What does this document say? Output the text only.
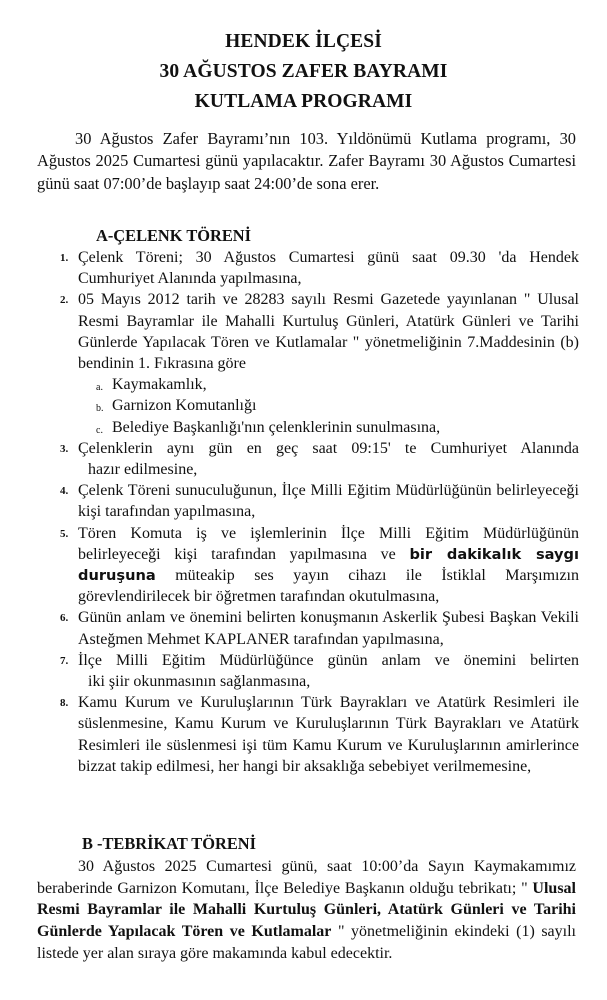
HENDEK İLÇESİ
30 AĞUSTOS ZAFER BAYRAMI
KUTLAMA PROGRAMI
30 Ağustos Zafer Bayramı’nın 103. Yıldönümü Kutlama programı, 30 Ağustos 2025 Cumartesi günü yapılacaktır. Zafer Bayramı 30 Ağustos Cumartesi günü saat 07:00’de başlayıp saat 24:00’de sona erer.
A-ÇELENK TÖRENİ
1. Çelenk Töreni; 30 Ağustos Cumartesi günü saat 09.30 'da Hendek
Cumhuriyet Alanında yapılmasına,
2. 05 Mayıs 2012 tarih ve 28283 sayılı Resmi Gazetede yayınlanan " Ulusal Resmi Bayramlar ile Mahalli Kurtuluş Günleri, Atatürk Günleri ve Tarihi Günlerde Yapılacak Tören ve Kutlamalar " yönetmeliğinin 7.Maddesinin (b) bendinin 1. Fıkrasına göre
a. Kaymakamlık,
b. Garnizon Komutanlığı
c. Belediye Başkanlığı'nın çelenklerinin sunulmasına,
3. Çelenklerin aynı gün en geç saat 09:15' te Cumhuriyet Alanında
hazır edilmesine,
4. Çelenk Töreni sunuculuğunun, İlçe Milli Eğitim Müdürlüğünün belirleyeceği kişi tarafından yapılmasına,
5. Tören Komuta iş ve işlemlerinin İlçe Milli Eğitim Müdürlüğünün belirleyeceği kişi tarafından yapılmasına ve bir dakikalık saygı duruşuna müteakip ses yayın cihazı ile İstiklal Marşımızın görevlendirilecek bir öğretmen tarafından okutulmasına,
6. Günün anlam ve önemini belirten konuşmanın Askerlik Şubesi Başkan Vekili Asteğmen Mehmet KAPLANER tarafından yapılmasına,
7. İlçe Milli Eğitim Müdürlüğünce günün anlam ve önemini belirten
iki şiir okunmasının sağlanmasına,
8. Kamu Kurum ve Kuruluşlarının Türk Bayrakları ve Atatürk Resimleri ile süslenmesine, Kamu Kurum ve Kuruluşlarının Türk Bayrakları ve Atatürk Resimleri ile süslenmesi işi tüm Kamu Kurum ve Kuruluşlarının amirlerince bizzat takip edilmesi, her hangi bir aksaklığa sebebiyet verilmemesine,
B -TEBRİKAT TÖRENİ
30 Ağustos 2025 Cumartesi günü, saat 10:00’da Sayın Kaymakamımız beraberinde Garnizon Komutanı, İlçe Belediye Başkanın olduğu tebrikatı; " Ulusal Resmi Bayramlar ile Mahalli Kurtuluş Günleri, Atatürk Günleri ve Tarihi Günlerde Yapılacak Tören ve Kutlamalar " yönetmeliğinin ekindeki (1) sayılı listede yer alan sıraya göre makamında kabul edecektir.
